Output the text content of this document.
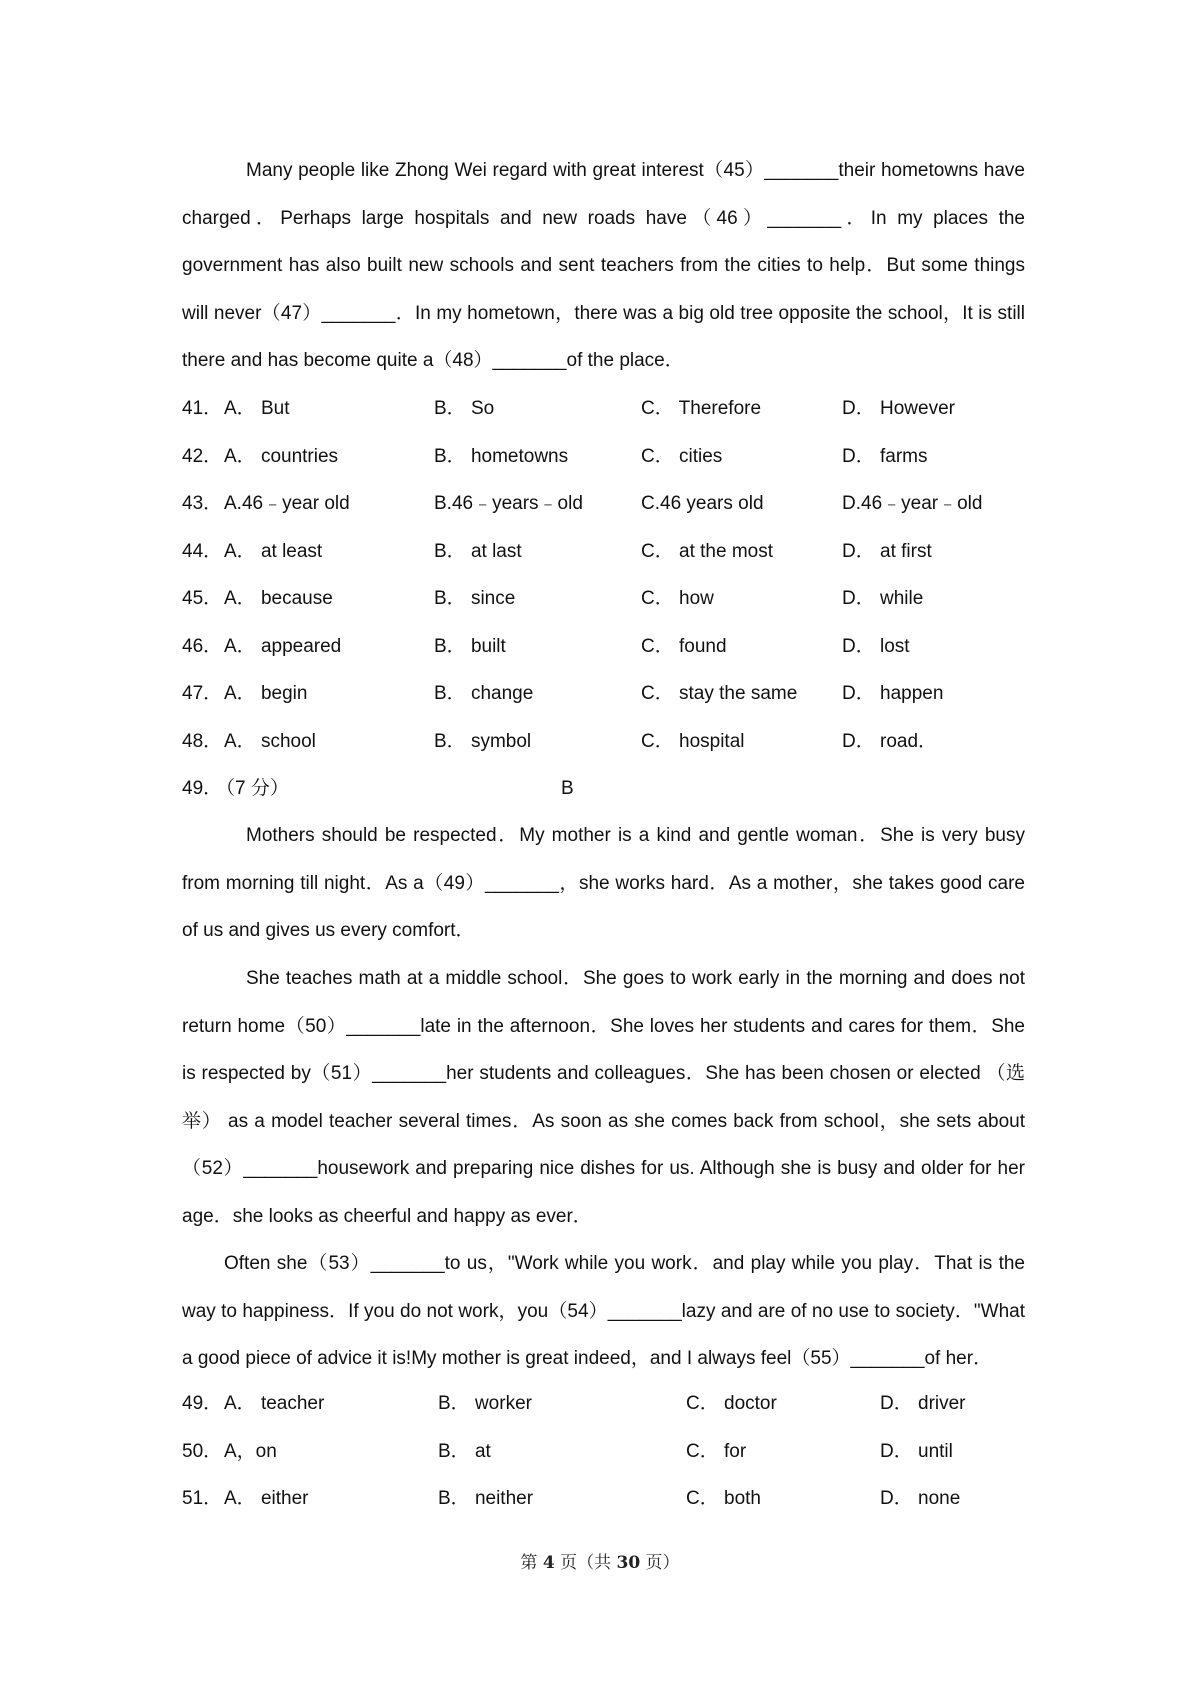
Many people like Zhong Wei regard with great interest（45）_______their hometowns have charged．Perhaps large hospitals and new roads have（46）_______．In my places the government has also built new schools and sent teachers from the cities to help．But some things will never（47）_______．In my hometown，there was a big old tree opposite the school，It is still there and has become quite a（48）_______of the place．

41． A． But	B． So	C． Therefore	D． However
42． A． countries	B． hometowns	C． cities	D． farms
43． A.46﹣year old	B.46﹣years﹣old	C.46 years old	D.46﹣year﹣old
44． A． at least	B． at last	C． at the most	D． at first
45． A． because	B． since	C． how	D． while
46． A． appeared	B． built	C． found	D． lost
47． A． begin	B． change	C． stay the same D． happen
48． A． school	B． symbol	C． hospital	D． road．
49．
（7 分）	B

Mothers should be respected．My mother is a kind and gentle woman．She is very busy from morning till night．As a（49）_______，she works hard．As a mother，she takes good care of us and gives us every comfort．

She teaches math at a middle school．She goes to work early in the morning and does not return home（50）_______late in the afternoon．She loves her students and cares for them．She is respected by（51）_______her students and colleagues．She has been chosen or elected （选举） as a model teacher several times．As soon as she comes back from school，she sets about （52）_______housework and preparing nice dishes for us. Although she is busy and older for her age．she looks as cheerful and happy as ever．

Often she（53）_______to us，"Work while you work．and play while you play．That is the way to happiness．If you do not work，you（54）_______lazy and are of no use to society．"What a good piece of advice it is!My mother is great indeed，and I always feel（55）_______of her．

49． A． teacher	B． worker	C． doctor	D． driver
50． A，on	B． at	C． for	D． until
51． A． either	B． neither	C． both	D． none
第 4 页（共 30 页）
